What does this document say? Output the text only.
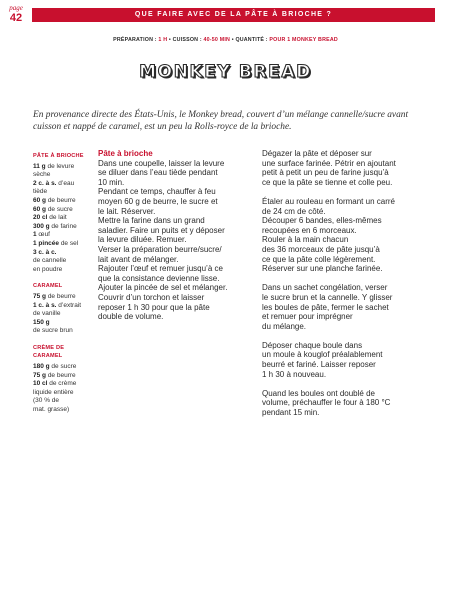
page
42	QUE FAIRE AVEC DE LA PÂTE À BRIOCHE ?
PRÉPARATION : 1 H • CUISSON : 40-50 MIN • QUANTITÉ : POUR 1 MONKEY BREAD
MONKEY BREAD
En provenance directe des États-Unis, le Monkey bread, couvert d’un mélange cannelle/sucre avant cuisson et nappé de caramel, est un peu la Rolls-royce de la brioche.
PÂTE À BRIOCHE
11 g de levure
sèche
2 c. à s. d’eau
tiède
60 g de beurre
60 g de sucre
20 cl de lait
300 g de farine
1 œuf
1 pincée de sel
3 c. à c.
de cannelle
en poudre
CARAMEL
75 g de beurre
1 c. à s. d’extrait
de vanille
150 g
de sucre brun
CRÈME DE CARAMEL
180 g de sucre
75 g de beurre
10 cl de crème
liquide entière
(30 % de
mat. grasse)
Pâte à brioche
Dans une coupelle, laisser la levure
se diluer dans l’eau tiède pendant
10 min.
Pendant ce temps, chauffer à feu
moyen 60 g de beurre, le sucre et
le lait. Réserver.
Mettre la farine dans un grand
saladier. Faire un puits et y déposer
la levure diluée. Remuer.
Verser la préparation beurre/sucre/
lait avant de mélanger.
Rajouter l’œuf et remuer jusqu’à ce
que la consistance devienne lisse.
Ajouter la pincée de sel et mélanger.
Couvrir d’un torchon et laisser
reposer 1 h 30 pour que la pâte
double de volume.
Dégazer la pâte et déposer sur
une surface farinée. Pétrir en ajoutant
petit à petit un peu de farine jusqu’à
ce que la pâte se tienne et colle peu.
Étaler au rouleau en formant un carré
de 24 cm de côté.
Découper 6 bandes, elles-mêmes
recoupées en 6 morceaux.
Rouler à la main chacun
des 36 morceaux de pâte jusqu’à
ce que la pâte colle légèrement.
Réserver sur une planche farinée.
Dans un sachet congélation, verser
le sucre brun et la cannelle. Y glisser
les boules de pâte, fermer le sachet
et remuer pour imprégner
du mélange.
Déposer chaque boule dans
un moule à kouglof préalablement
beurré et fariné. Laisser reposer
1 h 30 à nouveau.
Quand les boules ont doublé de
volume, préchauffer le four à 180 °C
pendant 15 min.
